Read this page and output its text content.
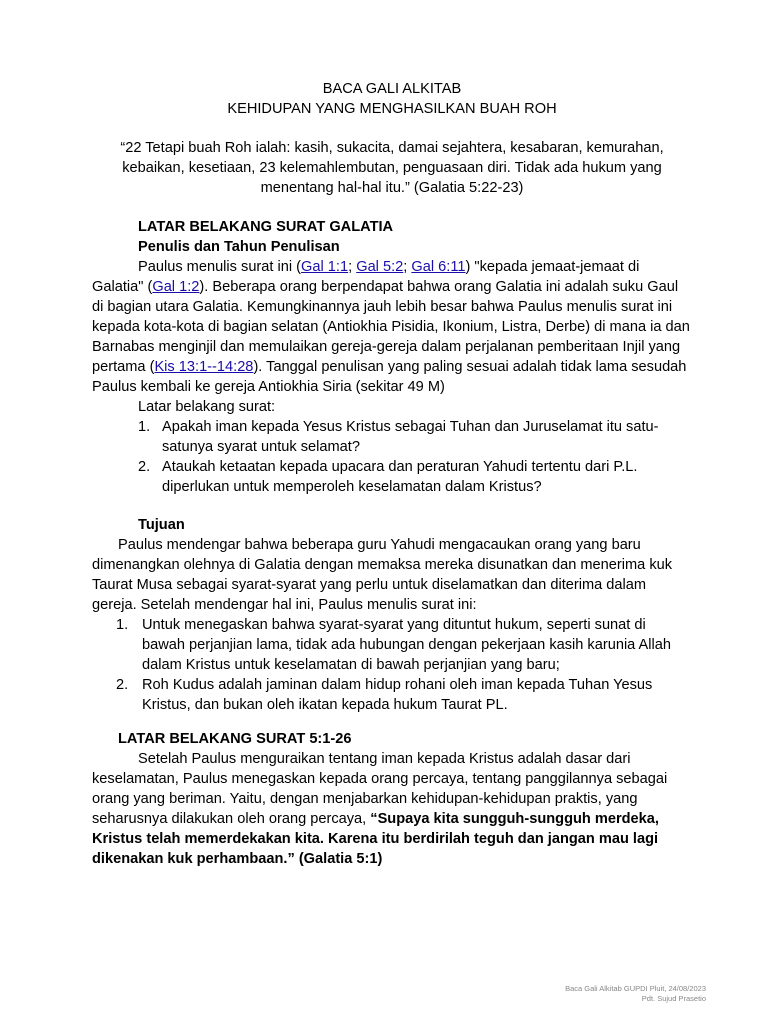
BACA GALI ALKITAB

KEHIDUPAN YANG MENGHASILKAN BUAH ROH

“22 Tetapi buah Roh ialah: kasih, sukacita, damai sejahtera, kesabaran, kemurahan, kebaikan, kesetiaan, 23 kelemahlembutan, penguasaan diri. Tidak ada hukum yang menentang hal-hal itu.” (Galatia 5:22-23)

LATAR BELAKANG SURAT GALATIA

Penulis dan Tahun Penulisan

Paulus menulis surat ini (Gal 1:1; Gal 5:2; Gal 6:11) "kepada jemaat-jemaat di Galatia" (Gal 1:2). Beberapa orang berpendapat bahwa orang Galatia ini adalah suku Gaul di bagian utara Galatia. Kemungkinannya jauh lebih besar bahwa Paulus menulis surat ini kepada kota-kota di bagian selatan (Antiokhia Pisidia, Ikonium, Listra, Derbe) di mana ia dan Barnabas menginjil dan memulaikan gereja-gereja dalam perjalanan pemberitaan Injil yang pertama (Kis 13:1--14:28). Tanggal penulisan yang paling sesuai adalah tidak lama sesudah Paulus kembali ke gereja Antiokhia Siria (sekitar 49 M)

Latar belakang surat:

1. Apakah iman kepada Yesus Kristus sebagai Tuhan dan Juruselamat itu satu-satunya syarat untuk selamat?
2. Ataukah ketaatan kepada upacara dan peraturan Yahudi tertentu dari P.L. diperlukan untuk memperoleh keselamatan dalam Kristus?

Tujuan

Paulus mendengar bahwa beberapa guru Yahudi mengacaukan orang yang baru dimenangkan olehnya di Galatia dengan memaksa mereka disunatkan dan menerima kuk Taurat Musa sebagai syarat-syarat yang perlu untuk diselamatkan dan diterima dalam gereja. Setelah mendengar hal ini, Paulus menulis surat ini:

1. Untuk menegaskan bahwa syarat-syarat yang dituntut hukum, seperti sunat di bawah perjanjian lama, tidak ada hubungan dengan pekerjaan kasih karunia Allah dalam Kristus untuk keselamatan di bawah perjanjian yang baru;
2. Roh Kudus adalah jaminan dalam hidup rohani oleh iman kepada Tuhan Yesus Kristus, dan bukan oleh ikatan kepada hukum Taurat PL.

LATAR BELAKANG SURAT 5:1-26

Setelah Paulus menguraikan tentang iman kepada Kristus adalah dasar dari keselamatan, Paulus menegaskan kepada orang percaya, tentang panggilannya sebagai orang yang beriman. Yaitu, dengan menjabarkan kehidupan-kehidupan praktis, yang seharusnya dilakukan oleh orang percaya, “Supaya kita sungguh-sungguh merdeka, Kristus telah memerdekakan kita. Karena itu berdirilah teguh dan jangan mau lagi dikenakan kuk perhambaan.” (Galatia 5:1)

Baca Gali Alkitab GUPDI Pluit, 24/08/2023
Pdt. Sujud Prasetio
